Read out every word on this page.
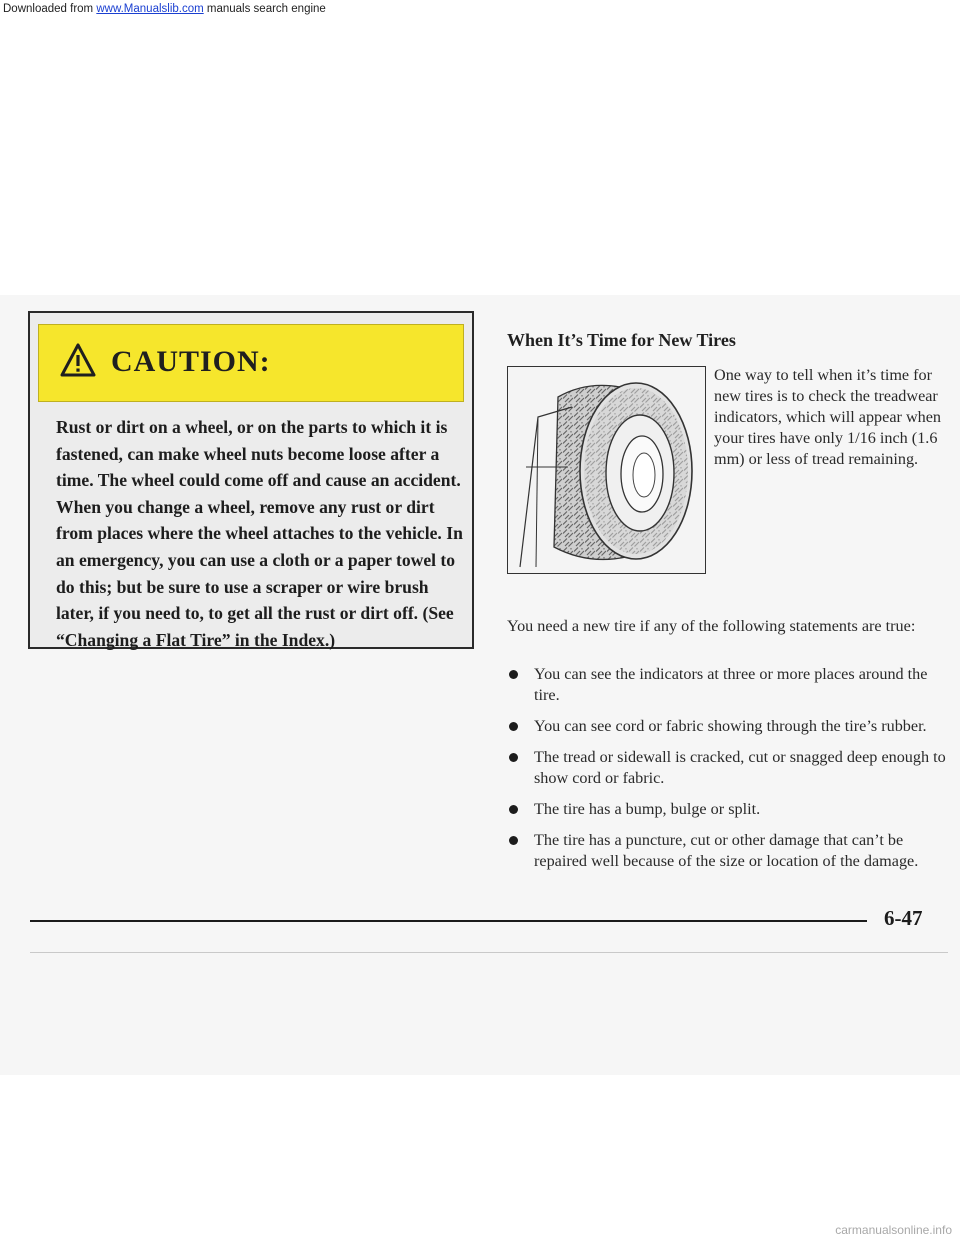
Downloaded from www.Manualslib.com manuals search engine
CAUTION:

Rust or dirt on a wheel, or on the parts to which it is fastened, can make wheel nuts become loose after a time. The wheel could come off and cause an accident. When you change a wheel, remove any rust or dirt from places where the wheel attaches to the vehicle. In an emergency, you can use a cloth or a paper towel to do this; but be sure to use a scraper or wire brush later, if you need to, to get all the rust or dirt off. (See “Changing a Flat Tire” in the Index.)

When It’s Time for New Tires

One way to tell when it’s time for new tires is to check the treadwear indicators, which will appear when your tires have only 1/16 inch (1.6 mm) or less of tread remaining.

You need a new tire if any of the following statements are true:

You can see the indicators at three or more places around the tire.
You can see cord or fabric showing through the tire’s rubber.
The tread or sidewall is cracked, cut or snagged deep enough to show cord or fabric.
The tire has a bump, bulge or split.
The tire has a puncture, cut or other damage that can’t be repaired well because of the size or location of the damage.
6-47
carmanualsonline.info
